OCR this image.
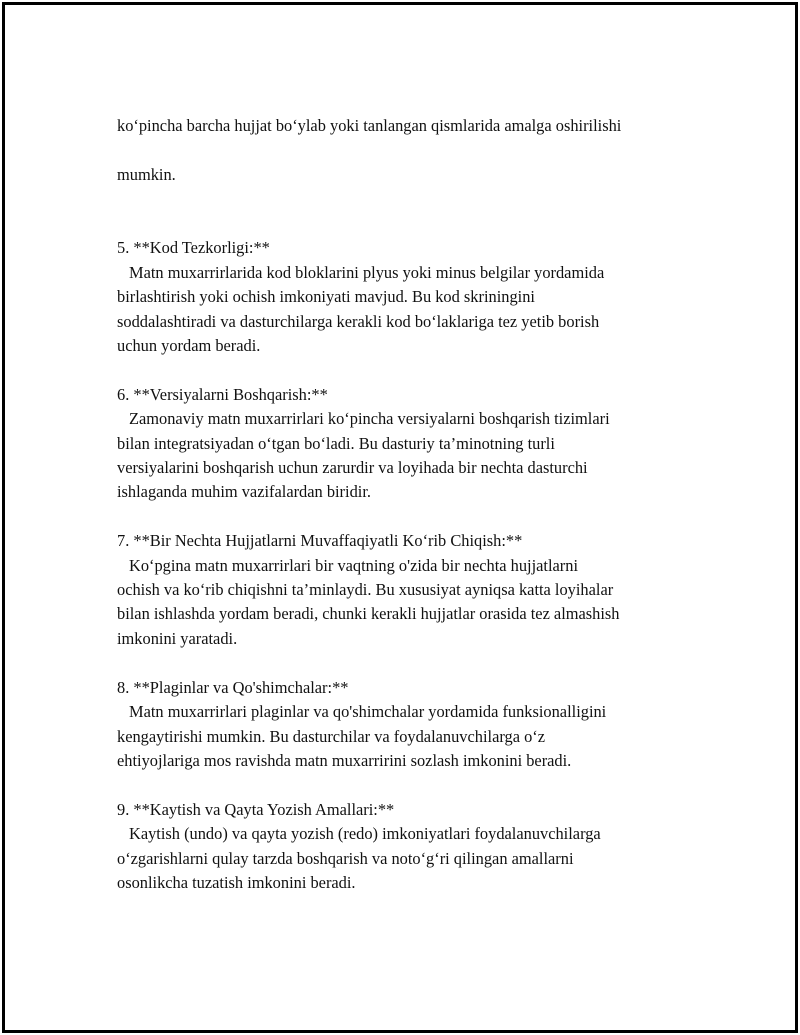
ko‘pincha barcha hujjat bo‘ylab yoki tanlangan qismlarida amalga oshirilishi

mumkin.

5. **Kod Tezkorligi:**

Matn muxarrirlarida kod bloklarini plyus yoki minus belgilar yordamida
birlashtirish yoki ochish imkoniyati mavjud. Bu kod skriningini
soddalashtiradi va dasturchilarga kerakli kod bo‘laklariga tez yetib borish
uchun yordam beradi.

6. **Versiyalarni Boshqarish:**

Zamonaviy matn muxarrirlari ko‘pincha versiyalarni boshqarish tizimlari
bilan integratsiyadan o‘tgan bo‘ladi. Bu dasturiy ta’minotning turli
versiyalarini boshqarish uchun zarurdir va loyihada bir nechta dasturchi
ishlaganda muhim vazifalardan biridir.

7. **Bir Nechta Hujjatlarni Muvaffaqiyatli Ko‘rib Chiqish:**

Ko‘pgina matn muxarrirlari bir vaqtning o'zida bir nechta hujjatlarni
ochish va ko‘rib chiqishni ta’minlaydi. Bu xususiyat ayniqsa katta loyihalar
bilan ishlashda yordam beradi, chunki kerakli hujjatlar orasida tez almashish
imkonini yaratadi.

8. **Plaginlar va Qo'shimchalar:**

Matn muxarrirlari plaginlar va qo'shimchalar yordamida funksionalligini
kengaytirishi mumkin. Bu dasturchilar va foydalanuvchilarga o‘z
ehtiyojlariga mos ravishda matn muxarririni sozlash imkonini beradi.

9. **Kaytish va Qayta Yozish Amallari:**

Kaytish (undo) va qayta yozish (redo) imkoniyatlari foydalanuvchilarga
o‘zgarishlarni qulay tarzda boshqarish va noto‘g‘ri qilingan amallarni
osonlikcha tuzatish imkonini beradi.
